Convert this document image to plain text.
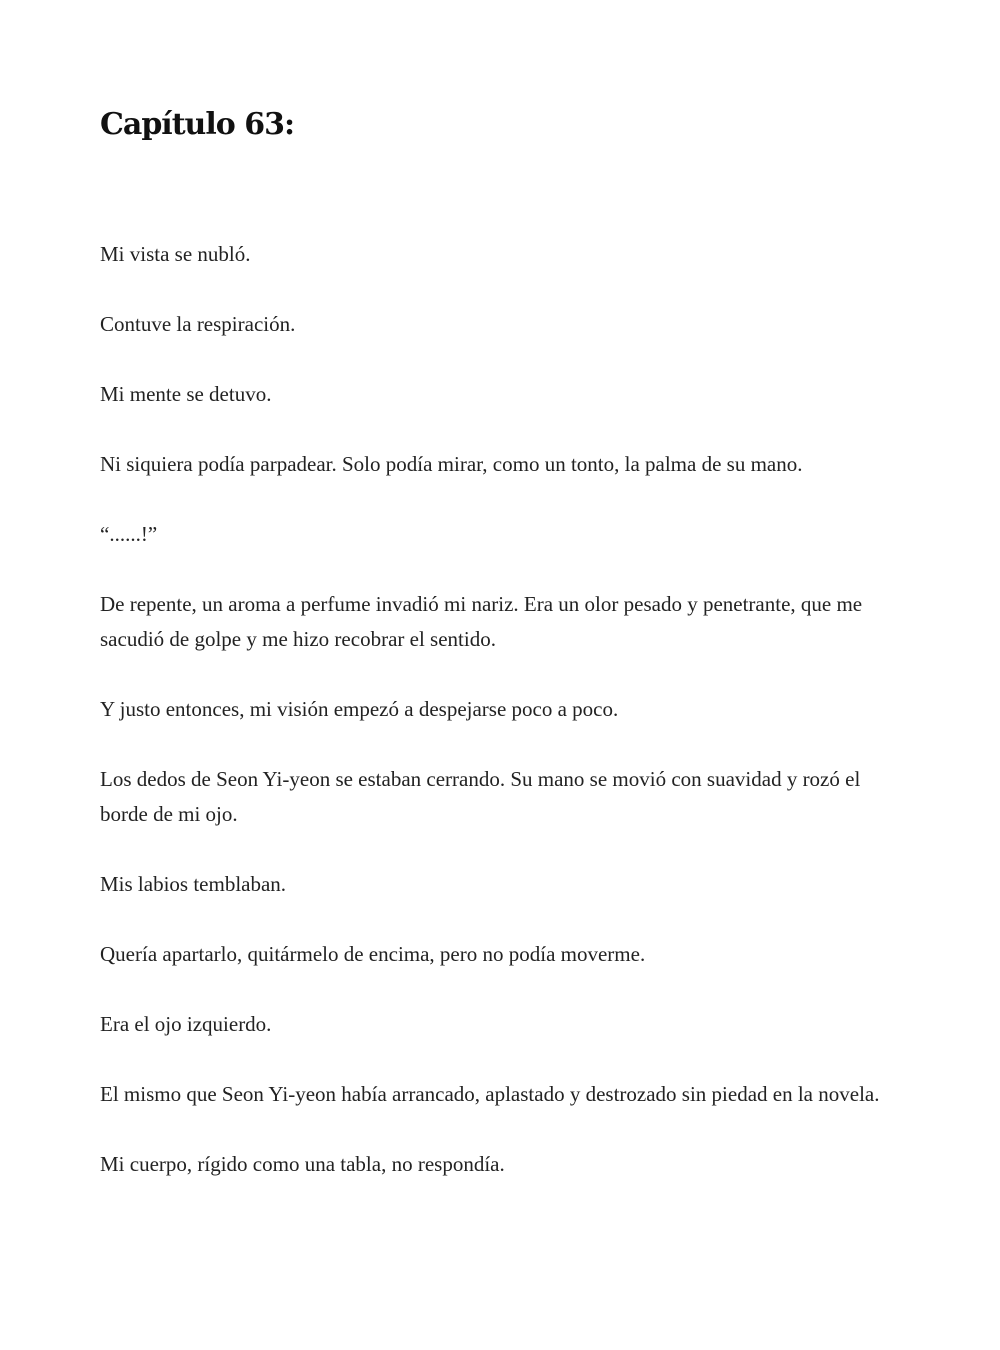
Capítulo 63:

Mi vista se nubló.

Contuve la respiración.

Mi mente se detuvo.

Ni siquiera podía parpadear. Solo podía mirar, como un tonto, la palma de su mano.

“......!”

De repente, un aroma a perfume invadió mi nariz. Era un olor pesado y penetrante, que me sacudió de golpe y me hizo recobrar el sentido.

Y justo entonces, mi visión empezó a despejarse poco a poco.

Los dedos de Seon Yi-yeon se estaban cerrando. Su mano se movió con suavidad y rozó el borde de mi ojo.

Mis labios temblaban.

Quería apartarlo, quitármelo de encima, pero no podía moverme.

Era el ojo izquierdo.

El mismo que Seon Yi-yeon había arrancado, aplastado y destrozado sin piedad en la novela.

Mi cuerpo, rígido como una tabla, no respondía.
